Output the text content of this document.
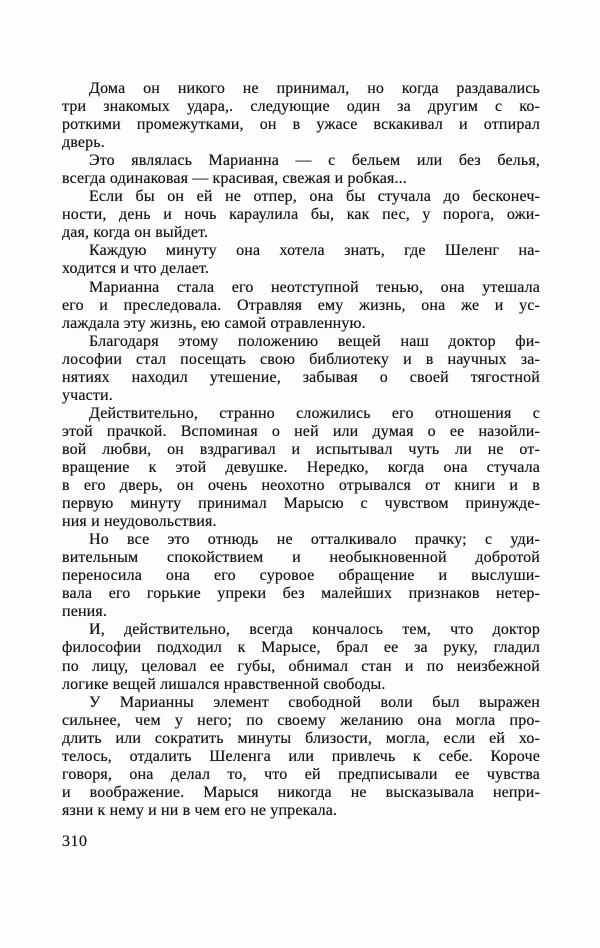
Дома он никого не принимал, но когда раздавались
три знакомых удара,. следующие один за другим с ко-
роткими промежутками, он в ужасе вскакивал и отпирал
дверь.

Это являлась Марианна — с бельем или без белья,
всегда одинаковая — красивая, свежая и робкая...

Если бы он ей не отпер, она бы стучала до бесконеч-
ности, день и ночь караулила бы, как пес, у порога, ожи-
дая, когда он выйдет.

Каждую минуту она хотела знать, где Шеленг на-
ходится и что делает.

Марианна стала его неотступной тенью, она утешала
его и преследовала. Отравляя ему жизнь, она же и ус-
лаждала эту жизнь, ею самой отравленную.

Благодаря этому положению вещей наш доктор фи-
лософии стал посещать свою библиотеку и в научных за-
нятиях находил утешение, забывая о своей тягостной
участи.

Действительно, странно сложились его отношения с
этой прачкой. Вспоминая о ней или думая о ее назойли-
вой любви, он вздрагивал и испытывал чуть ли не от-
вращение к этой девушке. Нередко, когда она стучала
в его дверь, он очень неохотно отрывался от книги и в
первую минуту принимал Марысю с чувством принужде-
ния и неудовольствия.

Но все это отнюдь не отталкивало прачку; с уди-
вительным спокойствием и необыкновенной добротой
переносила она его суровое обращение и выслуши-
вала его горькие упреки без малейших признаков нетер-
пения.

И, действительно, всегда кончалось тем, что доктор
философии подходил к Марысе, брал ее за руку, гладил
по лицу, целовал ее губы, обнимал стан и по неизбежной
логике вещей лишался нравственной свободы.

У Марианны элемент свободной воли был выражен
сильнее, чем у него; по своему желанию она могла про-
длить или сократить минуты близости, могла, если ей хо-
телось, отдалить Шеленга или привлечь к себе. Короче
говоря, она делал то, что ей предписывали ее чувства
и воображение. Марыся никогда не высказывала непри-
язни к нему и ни в чем его не упрекала.

310
